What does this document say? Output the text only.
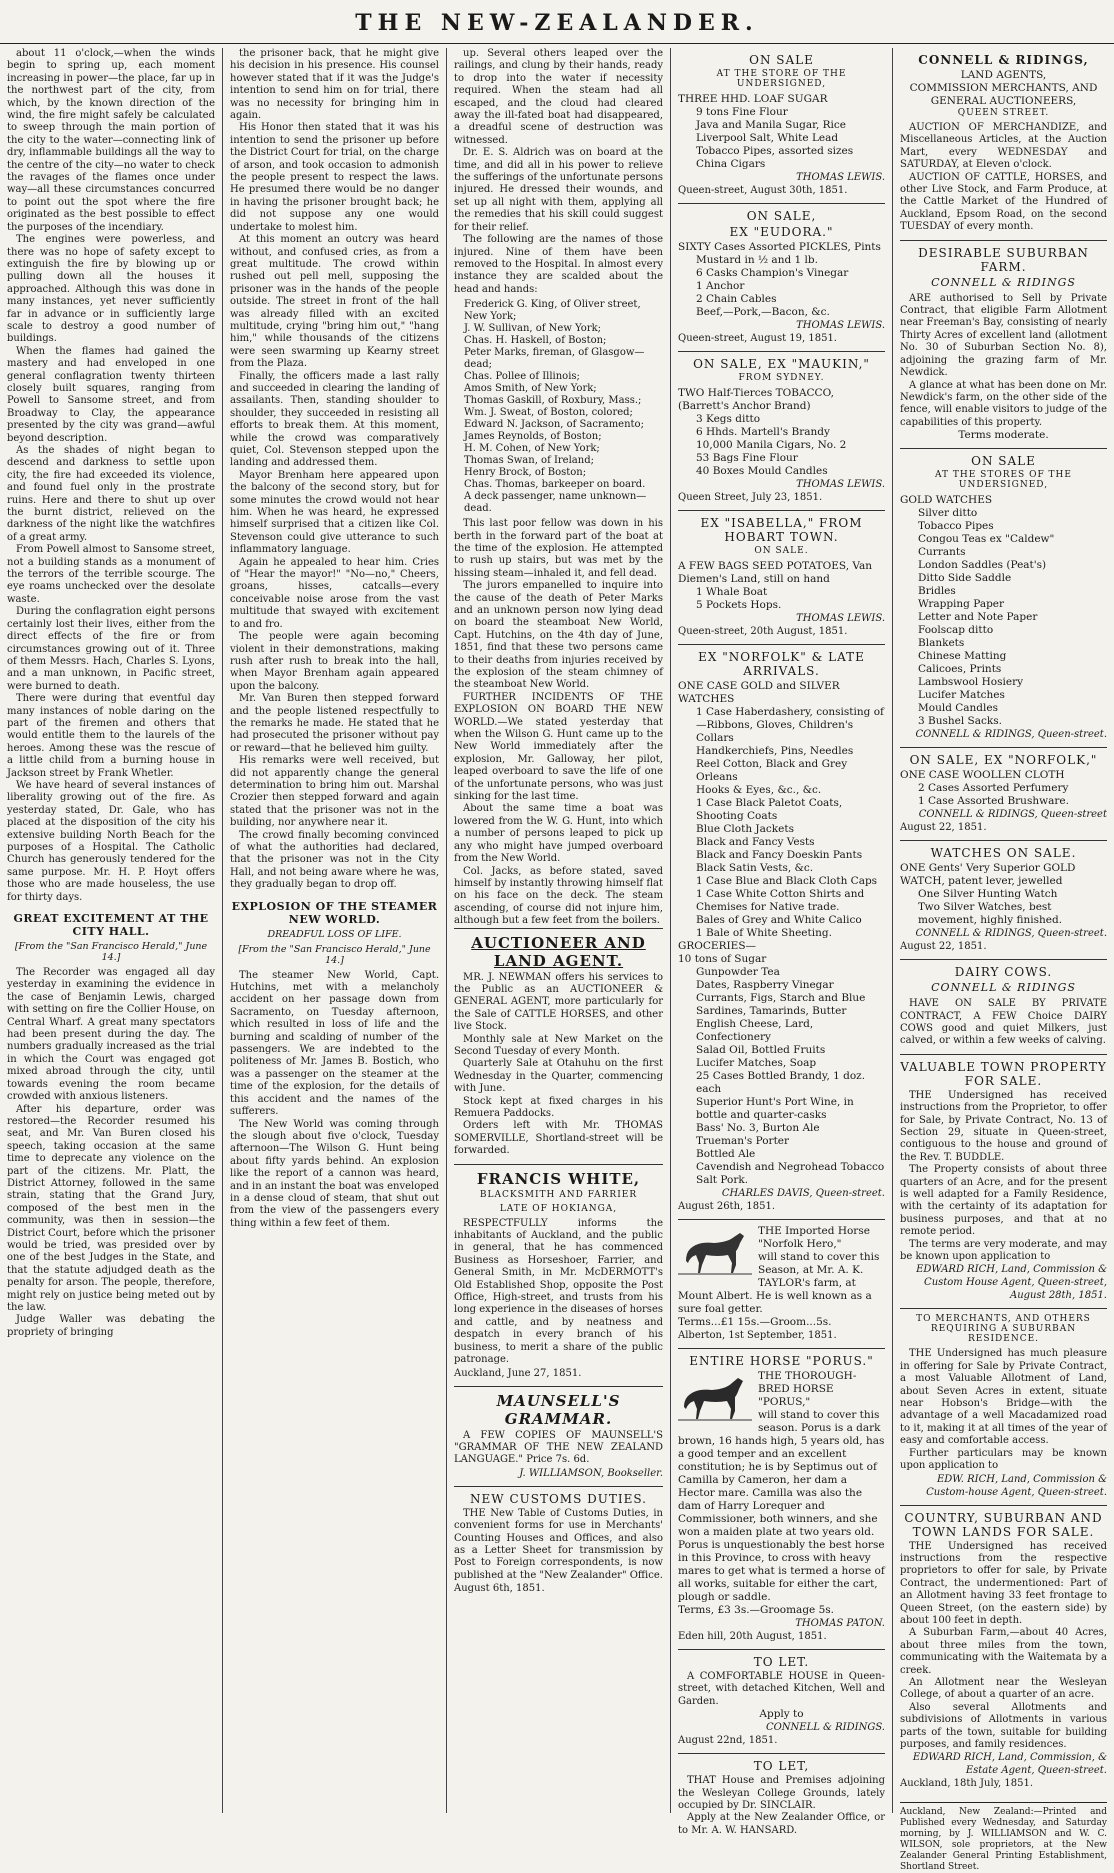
THE NEW-ZEALANDER.

about 11 o'clock,—when the winds begin to spring up, each moment increasing in power—the place, far up in the northwest part of the city, from which, by the known direction of the wind, the fire might safely be calculated to sweep through the main portion of the city to the water—connecting link of dry, inflammable buildings all the way to the centre of the city—no water to check the ravages of the flames once under way—all these circumstances concurred to point out the spot where the fire originated as the best possible to effect the purposes of the incendiary.

The engines were powerless, and there was no hope of safety except to extinguish the fire by blowing up or pulling down all the houses it approached. Although this was done in many instances, yet never sufficiently far in advance or in sufficiently large scale to destroy a good number of buildings.

When the flames had gained the mastery and had enveloped in one general conflagration twenty thirteen closely built squares, ranging from Powell to Sansome street, and from Broadway to Clay, the appearance presented by the city was grand—awful beyond description.

As the shades of night began to descend and darkness to settle upon city, the fire had exceeded its violence, and found fuel only in the prostrate ruins. Here and there to shut up over the burnt district, relieved on the darkness of the night like the watchfires of a great army.

From Powell almost to Sansome street, not a building stands as a monument of the terrors of the terrible scourge. The eye roams unchecked over the desolate waste.

During the conflagration eight persons certainly lost their lives, either from the direct effects of the fire or from circumstances growing out of it. Three of them Messrs. Hach, Charles S. Lyons, and a man unknown, in Pacific street, were burned to death.

There were during that eventful day many instances of noble daring on the part of the firemen and others that would entitle them to the laurels of the heroes. Among these was the rescue of a little child from a burning house in Jackson street by Frank Whetler.

We have heard of several instances of liberality growing out of the fire. As yesterday stated, Dr. Gale, who has placed at the disposition of the city his extensive building North Beach for the purposes of a Hospital. The Catholic Church has generously tendered for the same purpose. Mr. H. P. Hoyt offers those who are made houseless, the use for thirty days.

GREAT EXCITEMENT AT THE CITY HALL.
[From the "San Francisco Herald," June 14.]

The Recorder was engaged all day yesterday in examining the evidence in the case of Benjamin Lewis, charged with setting on fire the Collier House, on Central Wharf. A great many spectators had been present during the day. The numbers gradually increased as the trial in which the Court was engaged got mixed abroad through the city, until towards evening the room became crowded with anxious listeners.

After his departure, order was restored—the Recorder resumed his seat, and Mr. Van Buren closed his speech, taking occasion at the same time to deprecate any violence on the part of the citizens. Mr. Platt, the District Attorney, followed in the same strain, stating that the Grand Jury, composed of the best men in the community, was then in session—the District Court, before which the prisoner would be tried, was presided over by one of the best Judges in the State, and that the statute adjudged death as the penalty for arson. The people, therefore, might rely on justice being meted out by the law.

Judge Waller was debating the propriety of bringing

the prisoner back, that he might give his decision in his presence. His counsel however stated that if it was the Judge's intention to send him on for trial, there was no necessity for bringing him in again.

His Honor then stated that it was his intention to send the prisoner up before the District Court for trial, on the charge of arson, and took occasion to admonish the people present to respect the laws. He presumed there would be no danger in having the prisoner brought back; he did not suppose any one would undertake to molest him.

At this moment an outcry was heard without, and confused cries, as from a great multitude. The crowd within rushed out pell mell, supposing the prisoner was in the hands of the people outside. The street in front of the hall was already filled with an excited multitude, crying "bring him out," "hang him," while thousands of the citizens were seen swarming up Kearny street from the Plaza.

Finally, the officers made a last rally and succeeded in clearing the landing of assailants. Then, standing shoulder to shoulder, they succeeded in resisting all efforts to break them. At this moment, while the crowd was comparatively quiet, Col. Stevenson stepped upon the landing and addressed them.

Mayor Brenham here appeared upon the balcony of the second story, but for some minutes the crowd would not hear him. When he was heard, he expressed himself surprised that a citizen like Col. Stevenson could give utterance to such inflammatory language.

Again he appealed to hear him. Cries of "Hear the mayor!" "No—no," Cheers, groans, hisses, catcalls—every conceivable noise arose from the vast multitude that swayed with excitement to and fro.

The people were again becoming violent in their demonstrations, making rush after rush to break into the hall, when Mayor Brenham again appeared upon the balcony.

Mr. Van Buren then stepped forward and the people listened respectfully to the remarks he made. He stated that he had prosecuted the prisoner without pay or reward—that he believed him guilty.

His remarks were well received, but did not apparently change the general determination to bring him out. Marshal Crozier then stepped forward and again stated that the prisoner was not in the building, nor anywhere near it.

The crowd finally becoming convinced of what the authorities had declared, that the prisoner was not in the City Hall, and not being aware where he was, they gradually began to drop off.

EXPLOSION OF THE STEAMER NEW WORLD.
DREADFUL LOSS OF LIFE.
[From the "San Francisco Herald," June 14.]

The steamer New World, Capt. Hutchins, met with a melancholy accident on her passage down from Sacramento, on Tuesday afternoon, which resulted in loss of life and the burning and scalding of number of the passengers. We are indebted to the politeness of Mr. James B. Bostich, who was a passenger on the steamer at the time of the explosion, for the details of this accident and the names of the sufferers.

The New World was coming through the slough about five o'clock, Tuesday afternoon—The Wilson G. Hunt being about fifty yards behind. An explosion like the report of a cannon was heard, and in an instant the boat was enveloped in a dense cloud of steam, that shut out from the view of the passengers every thing within a few feet of them.

up. Several others leaped over the railings, and clung by their hands, ready to drop into the water if necessity required. When the steam had all escaped, and the cloud had cleared away the ill-fated boat had disappeared, a dreadful scene of destruction was witnessed.

Dr. E. S. Aldrich was on board at the time, and did all in his power to relieve the sufferings of the unfortunate persons injured. He dressed their wounds, and set up all night with them, applying all the remedies that his skill could suggest for their relief.

The following are the names of those injured. Nine of them have been removed to the Hospital. In almost every instance they are scalded about the head and hands:

Frederick G. King, of Oliver street, New York;
J. W. Sullivan, of New York;
Chas. H. Haskell, of Boston;
Peter Marks, fireman, of Glasgow—dead;
Chas. Pollee of Illinois;
Amos Smith, of New York;
Thomas Gaskill, of Roxbury, Mass.;
Wm. J. Sweat, of Boston, colored;
Edward N. Jackson, of Sacramento;
James Reynolds, of Boston;
H. M. Cohen, of New York;
Thomas Swan, of Ireland;
Henry Brock, of Boston;
Chas. Thomas, barkeeper on board.
A deck passenger, name unknown—dead.

This last poor fellow was down in his berth in the forward part of the boat at the time of the explosion. He attempted to rush up stairs, but was met by the hissing steam—inhaled it, and fell dead.

The jurors empanelled to inquire into the cause of the death of Peter Marks and an unknown person now lying dead on board the steamboat New World, Capt. Hutchins, on the 4th day of June, 1851, find that these two persons came to their deaths from injuries received by the explosion of the steam chimney of the steamboat New World.

FURTHER INCIDENTS OF THE EXPLOSION ON BOARD THE NEW WORLD.—We stated yesterday that when the Wilson G. Hunt came up to the New World immediately after the explosion, Mr. Galloway, her pilot, leaped overboard to save the life of one of the unfortunate persons, who was just sinking for the last time.

About the same time a boat was lowered from the W. G. Hunt, into which a number of persons leaped to pick up any who might have jumped overboard from the New World.

Col. Jacks, as before stated, saved himself by instantly throwing himself flat on his face on the deck. The steam ascending, of course did not injure him, although but a few feet from the boilers.

AUCTIONEER AND LAND AGENT.

MR. J. NEWMAN offers his services to the Public as an AUCTIONEER & GENERAL AGENT, more particularly for the Sale of CATTLE HORSES, and other live Stock.

Monthly sale at New Market on the Second Tuesday of every Month.

Quarterly Sale at Otahuhu on the first Wednesday in the Quarter, commencing with June.

Stock kept at fixed charges in his Remuera Paddocks.

Orders left with Mr. THOMAS SOMERVILLE, Shortland-street will be forwarded.

FRANCIS WHITE,
BLACKSMITH AND FARRIER
LATE OF HOKIANGA,

RESPECTFULLY informs the inhabitants of Auckland, and the public in general, that he has commenced Business as Horseshoer, Farrier, and General Smith, in Mr. McDERMOTT's Old Established Shop, opposite the Post Office, High-street, and trusts from his long experience in the diseases of horses and cattle, and by neatness and despatch in every branch of his business, to merit a share of the public patronage.

Auckland, June 27, 1851.
MAUNSELL'S GRAMMAR.

A FEW COPIES OF MAUNSELL'S "GRAMMAR OF THE NEW ZEALAND LANGUAGE." Price 7s. 6d.

J. WILLIAMSON, Bookseller.
NEW CUSTOMS DUTIES.

THE New Table of Customs Duties, in convenient forms for use in Merchants' Counting Houses and Offices, and also as a Letter Sheet for transmission by Post to Foreign correspondents, is now published at the "New Zealander" Office.

August 6th, 1851.
ON SALE
AT THE STORE OF THE UNDERSIGNED,
THREE HHD. LOAF SUGAR
9 tons Fine Flour
Java and Manila Sugar, Rice
Liverpool Salt, White Lead
Tobacco Pipes, assorted sizes
China Cigars
THOMAS LEWIS.
Queen-street, August 30th, 1851.
ON SALE,
EX "EUDORA."
SIXTY Cases Assorted PICKLES, Pints
Mustard in ½ and 1 lb.
6 Casks Champion's Vinegar
1 Anchor
2 Chain Cables
Beef,—Pork,—Bacon, &c.
THOMAS LEWIS.
Queen-street, August 19, 1851.
ON SALE, EX "MAUKIN,"
FROM SYDNEY.
TWO Half-Tierces TOBACCO, (Barrett's Anchor Brand)
3 Kegs ditto
6 Hhds. Martell's Brandy
10,000 Manila Cigars, No. 2
53 Bags Fine Flour
40 Boxes Mould Candles
THOMAS LEWIS.
Queen Street, July 23, 1851.
EX "ISABELLA," FROM HOBART TOWN.
ON SALE.
A FEW BAGS SEED POTATOES, Van Diemen's Land, still on hand
1 Whale Boat
5 Pockets Hops.
THOMAS LEWIS.
Queen-street, 20th August, 1851.
EX "NORFOLK" & LATE ARRIVALS.
ONE CASE GOLD and SILVER WATCHES
1 Case Haberdashery, consisting of—Ribbons, Gloves, Children's Collars
Handkerchiefs, Pins, Needles
Reel Cotton, Black and Grey Orleans
Hooks & Eyes, &c., &c.
1 Case Black Paletot Coats, Shooting Coats
Blue Cloth Jackets
Black and Fancy Vests
Black and Fancy Doeskin Pants
Black Satin Vests, &c.
1 Case Blue and Black Cloth Caps
1 Case White Cotton Shirts and Chemises for Native trade.
Bales of Grey and White Calico
1 Bale of White Sheeting.
GROCERIES—
10 tons of Sugar
Gunpowder Tea
Dates, Raspberry Vinegar
Currants, Figs, Starch and Blue
Sardines, Tamarinds, Butter
English Cheese, Lard, Confectionery
Salad Oil, Bottled Fruits
Lucifer Matches, Soap
25 Cases Bottled Brandy, 1 doz. each
Superior Hunt's Port Wine, in bottle and quarter-casks
Bass' No. 3, Burton Ale
Trueman's Porter
Bottled Ale
Cavendish and Negrohead Tobacco
Salt Pork.
CHARLES DAVIS, Queen-street.
August 26th, 1851.
THE Imported Horse
"Norfolk Hero,"
will stand to cover this Season, at Mr. A. K. TAYLOR's farm, at Mount Albert. He is well known as a sure foal getter.
Terms...£1 15s.—Groom...5s.
Alberton, 1st September, 1851.
ENTIRE HORSE "PORUS."
THE THOROUGH-BRED HORSE
"PORUS,"
will stand to cover this season. Porus is a dark brown, 16 hands high, 5 years old, has a good temper and an excellent constitution; he is by Septimus out of Camilla by Cameron, her dam a Hector mare. Camilla was also the dam of Harry Lorequer and Commissioner, both winners, and she won a maiden plate at two years old.
Porus is unquestionably the best horse in this Province, to cross with heavy mares to get what is termed a horse of all works, suitable for either the cart, plough or saddle.
Terms, £3 3s.—Groomage 5s.
THOMAS PATON.
Eden hill, 20th August, 1851.
TO LET.

A COMFORTABLE HOUSE in Queen-street, with detached Kitchen, Well and Garden.

Apply to
CONNELL & RIDINGS.
August 22nd, 1851.
TO LET,

THAT House and Premises adjoining the Wesleyan College Grounds, lately occupied by Dr. SINCLAIR.

Apply at the New Zealander Office, or to Mr. A. W. HANSARD.

CONNELL & RIDINGS,
LAND AGENTS,
COMMISSION MERCHANTS, AND
GENERAL AUCTIONEERS,
QUEEN STREET.

AUCTION OF MERCHANDIZE, and Miscellaneous Articles, at the Auction Mart, every WEDNESDAY and SATURDAY, at Eleven o'clock.

AUCTION OF CATTLE, HORSES, and other Live Stock, and Farm Produce, at the Cattle Market of the Hundred of Auckland, Epsom Road, on the second TUESDAY of every month.

DESIRABLE SUBURBAN FARM.
CONNELL & RIDINGS

ARE authorised to Sell by Private Contract, that eligible Farm Allotment near Freeman's Bay, consisting of nearly Thirty Acres of excellent land (allotment No. 30 of Suburban Section No. 8), adjoining the grazing farm of Mr. Newdick.

A glance at what has been done on Mr. Newdick's farm, on the other side of the fence, will enable visitors to judge of the capabilities of this property.

Terms moderate.
ON SALE
AT THE STORES OF THE UNDERSIGNED,
GOLD WATCHES
Silver ditto
Tobacco Pipes
Congou Teas ex "Caldew"
Currants
London Saddles (Peat's)
Ditto Side Saddle
Bridles
Wrapping Paper
Letter and Note Paper
Foolscap ditto
Blankets
Chinese Matting
Calicoes, Prints
Lambswool Hosiery
Lucifer Matches
Mould Candles
3 Bushel Sacks.
CONNELL & RIDINGS, Queen-street.
ON SALE, EX "NORFOLK,"
ONE CASE WOOLLEN CLOTH
2 Cases Assorted Perfumery
1 Case Assorted Brushware.
CONNELL & RIDINGS, Queen-street
August 22, 1851.
WATCHES ON SALE.
ONE Gents' Very Superior GOLD WATCH, patent lever, jewelled
One Silver Hunting Watch
Two Silver Watches, best movement, highly finished.
CONNELL & RIDINGS, Queen-street.
August 22, 1851.
DAIRY COWS.
CONNELL & RIDINGS

HAVE ON SALE BY PRIVATE CONTRACT, A FEW Choice DAIRY COWS good and quiet Milkers, just calved, or within a few weeks of calving.

VALUABLE TOWN PROPERTY FOR SALE.

THE Undersigned has received instructions from the Proprietor, to offer for Sale, by Private Contract, No. 13 of Section 29, situate in Queen-street, contiguous to the house and ground of the Rev. T. BUDDLE.

The Property consists of about three quarters of an Acre, and for the present is well adapted for a Family Residence, with the certainty of its adaptation for business purposes, and that at no remote period.

The terms are very moderate, and may be known upon application to

EDWARD RICH, Land, Commission & Custom House Agent, Queen-street, August 28th, 1851.
TO MERCHANTS, AND OTHERS REQUIRING A SUBURBAN RESIDENCE.

THE Undersigned has much pleasure in offering for Sale by Private Contract, a most Valuable Allotment of Land, about Seven Acres in extent, situate near Hobson's Bridge—with the advantage of a well Macadamized road to it, making it at all times of the year of easy and comfortable access.

Further particulars may be known upon application to

EDW. RICH, Land, Commission & Custom-house Agent, Queen-street.
COUNTRY, SUBURBAN AND TOWN LANDS FOR SALE.

THE Undersigned has received instructions from the respective proprietors to offer for sale, by Private Contract, the undermentioned: Part of an Allotment having 33 feet frontage to Queen Street, (on the eastern side) by about 100 feet in depth.

A Suburban Farm,—about 40 Acres, about three miles from the town, communicating with the Waitemata by a creek.

An Allotment near the Wesleyan College, of about a quarter of an acre.

Also several Allotments and subdivisions of Allotments in various parts of the town, suitable for building purposes, and family residences.

EDWARD RICH, Land, Commission, & Estate Agent, Queen-street.
Auckland, 18th July, 1851.
Auckland, New Zealand:—Printed and Published every Wednesday, and Saturday morning, by J. WILLIAMSON and W. C. WILSON, sole proprietors, at the New Zealander General Printing Establishment, Shortland Street.
